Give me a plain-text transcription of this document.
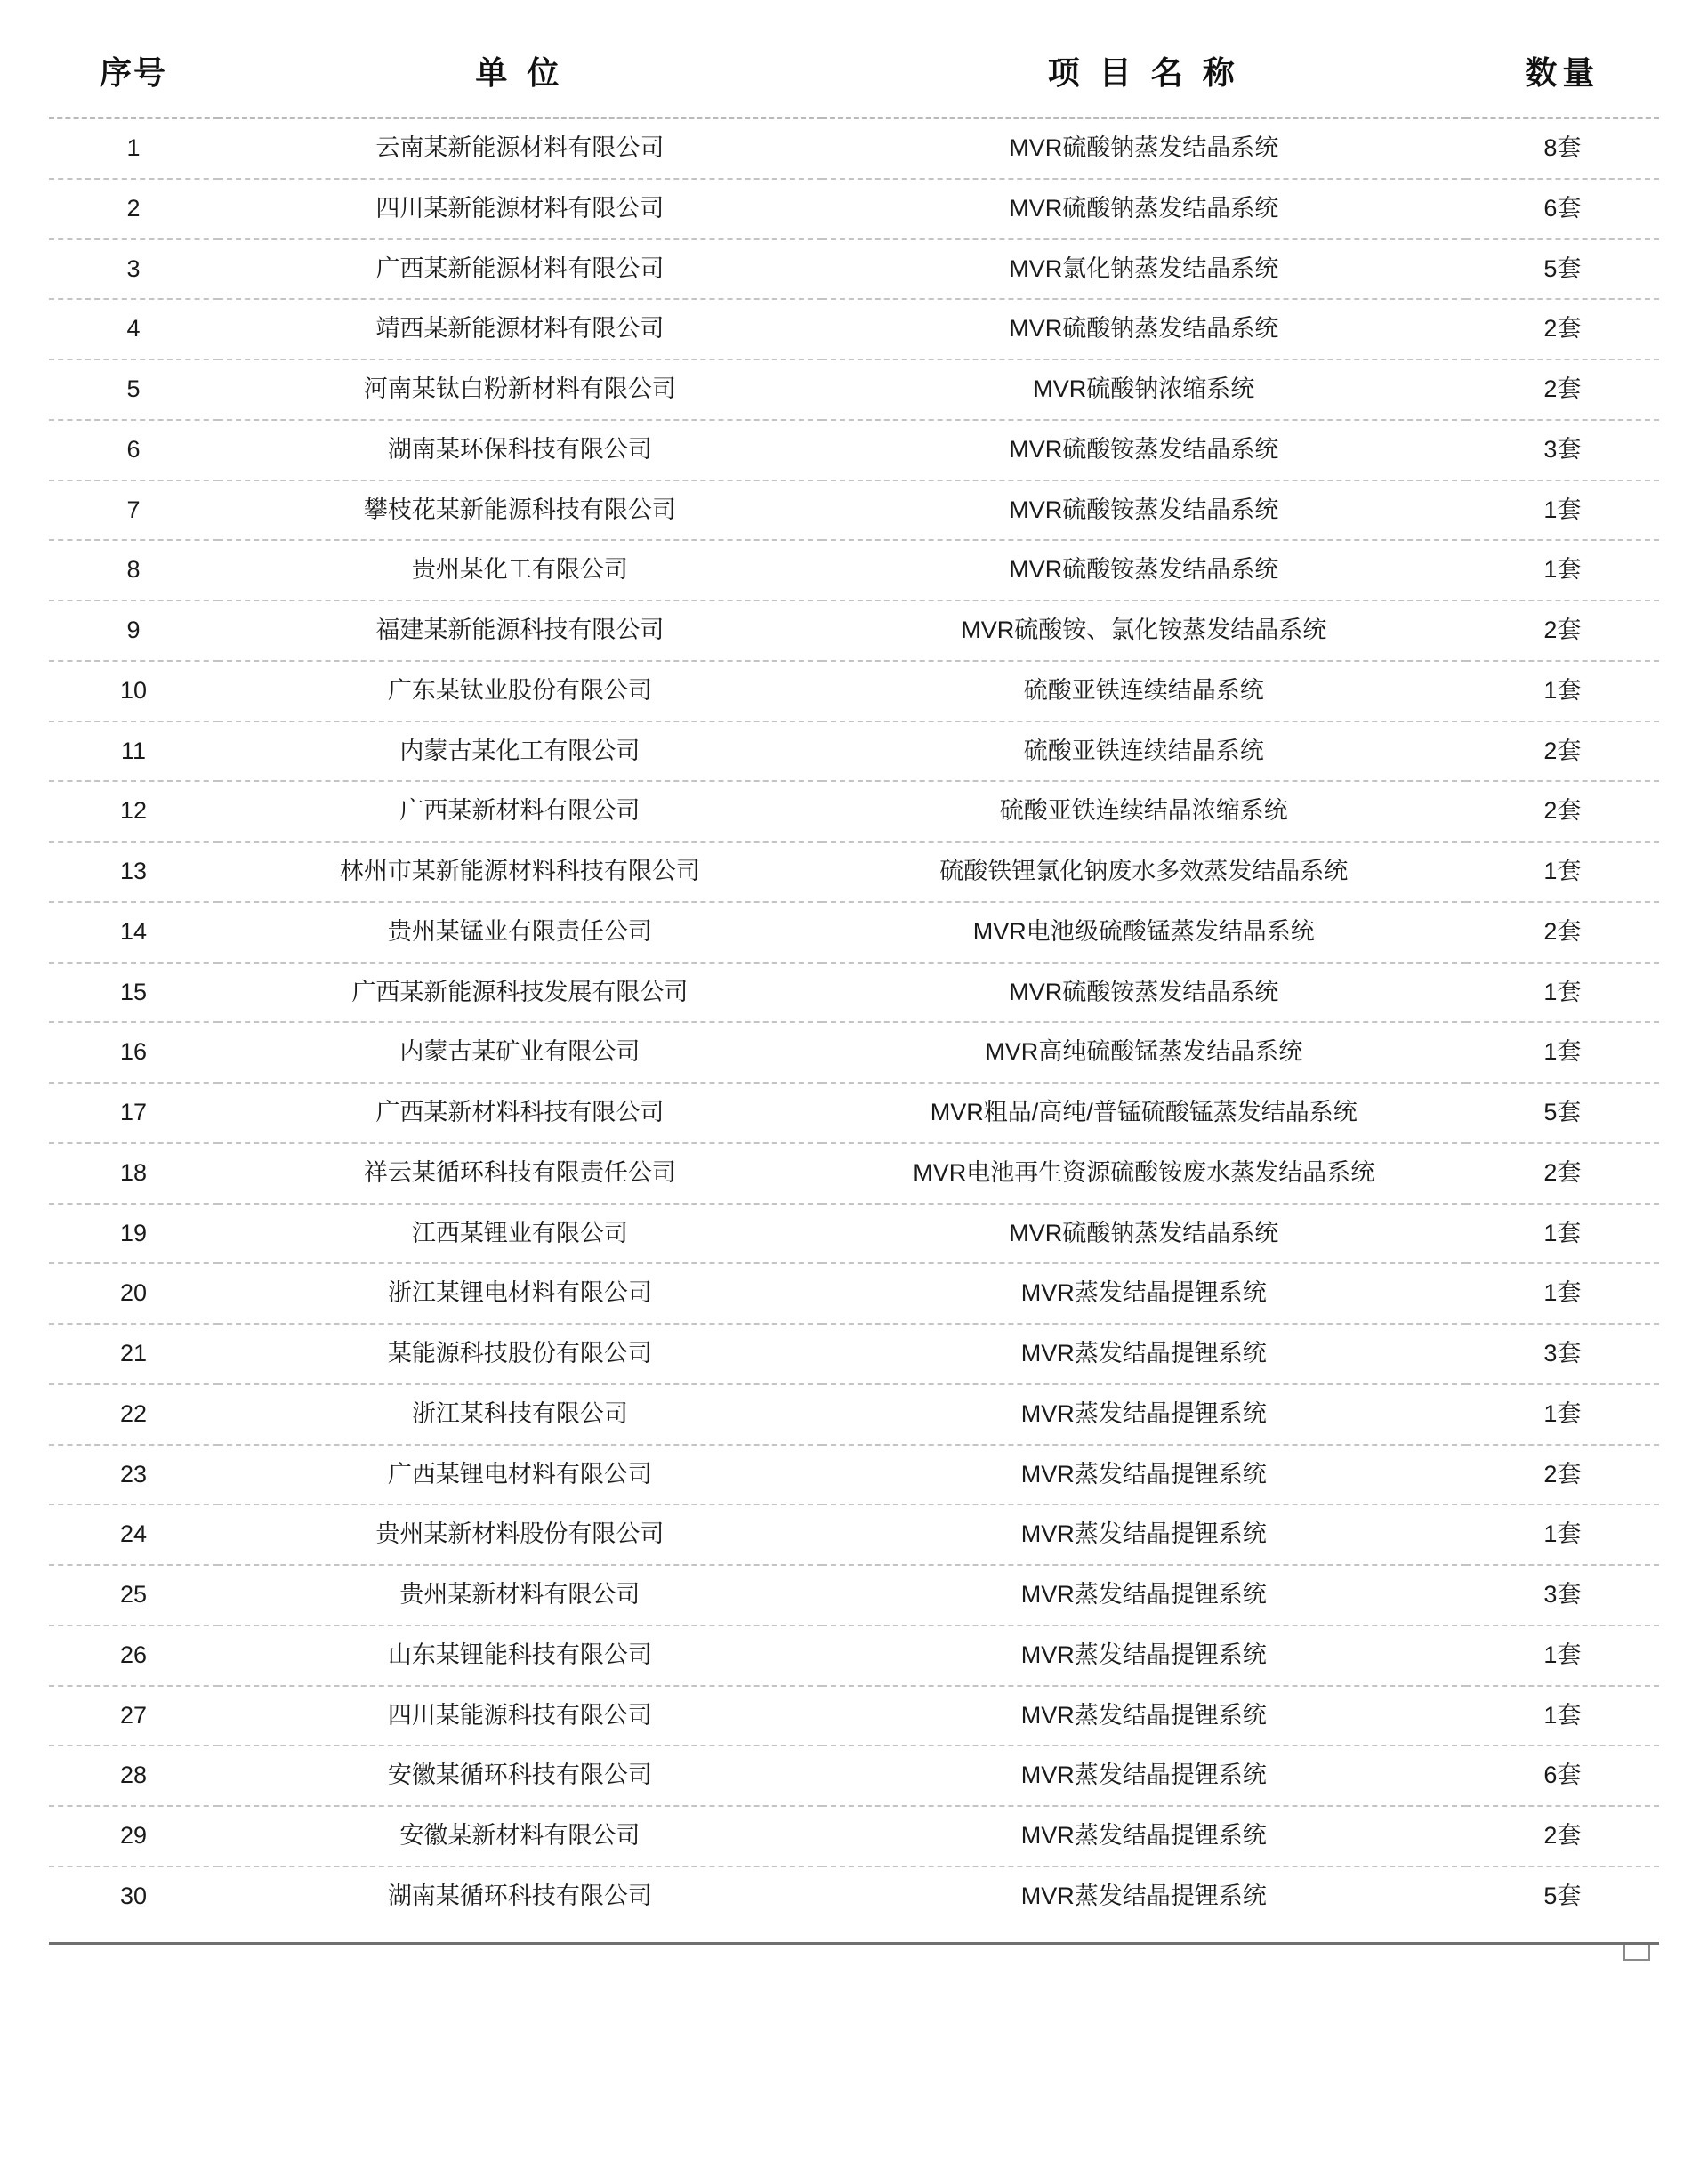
序号	单 位	项 目 名 称	数量
1	云南某新能源材料有限公司	MVR硫酸钠蒸发结晶系统	8套
2	四川某新能源材料有限公司	MVR硫酸钠蒸发结晶系统	6套
3	广西某新能源材料有限公司	MVR氯化钠蒸发结晶系统	5套
4	靖西某新能源材料有限公司	MVR硫酸钠蒸发结晶系统	2套
5	河南某钛白粉新材料有限公司	MVR硫酸钠浓缩系统	2套
6	湖南某环保科技有限公司	MVR硫酸铵蒸发结晶系统	3套
7	攀枝花某新能源科技有限公司	MVR硫酸铵蒸发结晶系统	1套
8	贵州某化工有限公司	MVR硫酸铵蒸发结晶系统	1套
9	福建某新能源科技有限公司	MVR硫酸铵、氯化铵蒸发结晶系统	2套
10	广东某钛业股份有限公司	硫酸亚铁连续结晶系统	1套
11	内蒙古某化工有限公司	硫酸亚铁连续结晶系统	2套
12	广西某新材料有限公司	硫酸亚铁连续结晶浓缩系统	2套
13	林州市某新能源材料科技有限公司	硫酸铁锂氯化钠废水多效蒸发结晶系统	1套
14	贵州某锰业有限责任公司	MVR电池级硫酸锰蒸发结晶系统	2套
15	广西某新能源科技发展有限公司	MVR硫酸铵蒸发结晶系统	1套
16	内蒙古某矿业有限公司	MVR高纯硫酸锰蒸发结晶系统	1套
17	广西某新材料科技有限公司	MVR粗品/高纯/普锰硫酸锰蒸发结晶系统	5套
18	祥云某循环科技有限责任公司	MVR电池再生资源硫酸铵废水蒸发结晶系统	2套
19	江西某锂业有限公司	MVR硫酸钠蒸发结晶系统	1套
20	浙江某锂电材料有限公司	MVR蒸发结晶提锂系统	1套
21	某能源科技股份有限公司	MVR蒸发结晶提锂系统	3套
22	浙江某科技有限公司	MVR蒸发结晶提锂系统	1套
23	广西某锂电材料有限公司	MVR蒸发结晶提锂系统	2套
24	贵州某新材料股份有限公司	MVR蒸发结晶提锂系统	1套
25	贵州某新材料有限公司	MVR蒸发结晶提锂系统	3套
26	山东某锂能科技有限公司	MVR蒸发结晶提锂系统	1套
27	四川某能源科技有限公司	MVR蒸发结晶提锂系统	1套
28	安徽某循环科技有限公司	MVR蒸发结晶提锂系统	6套
29	安徽某新材料有限公司	MVR蒸发结晶提锂系统	2套
30	湖南某循环科技有限公司	MVR蒸发结晶提锂系统	5套
